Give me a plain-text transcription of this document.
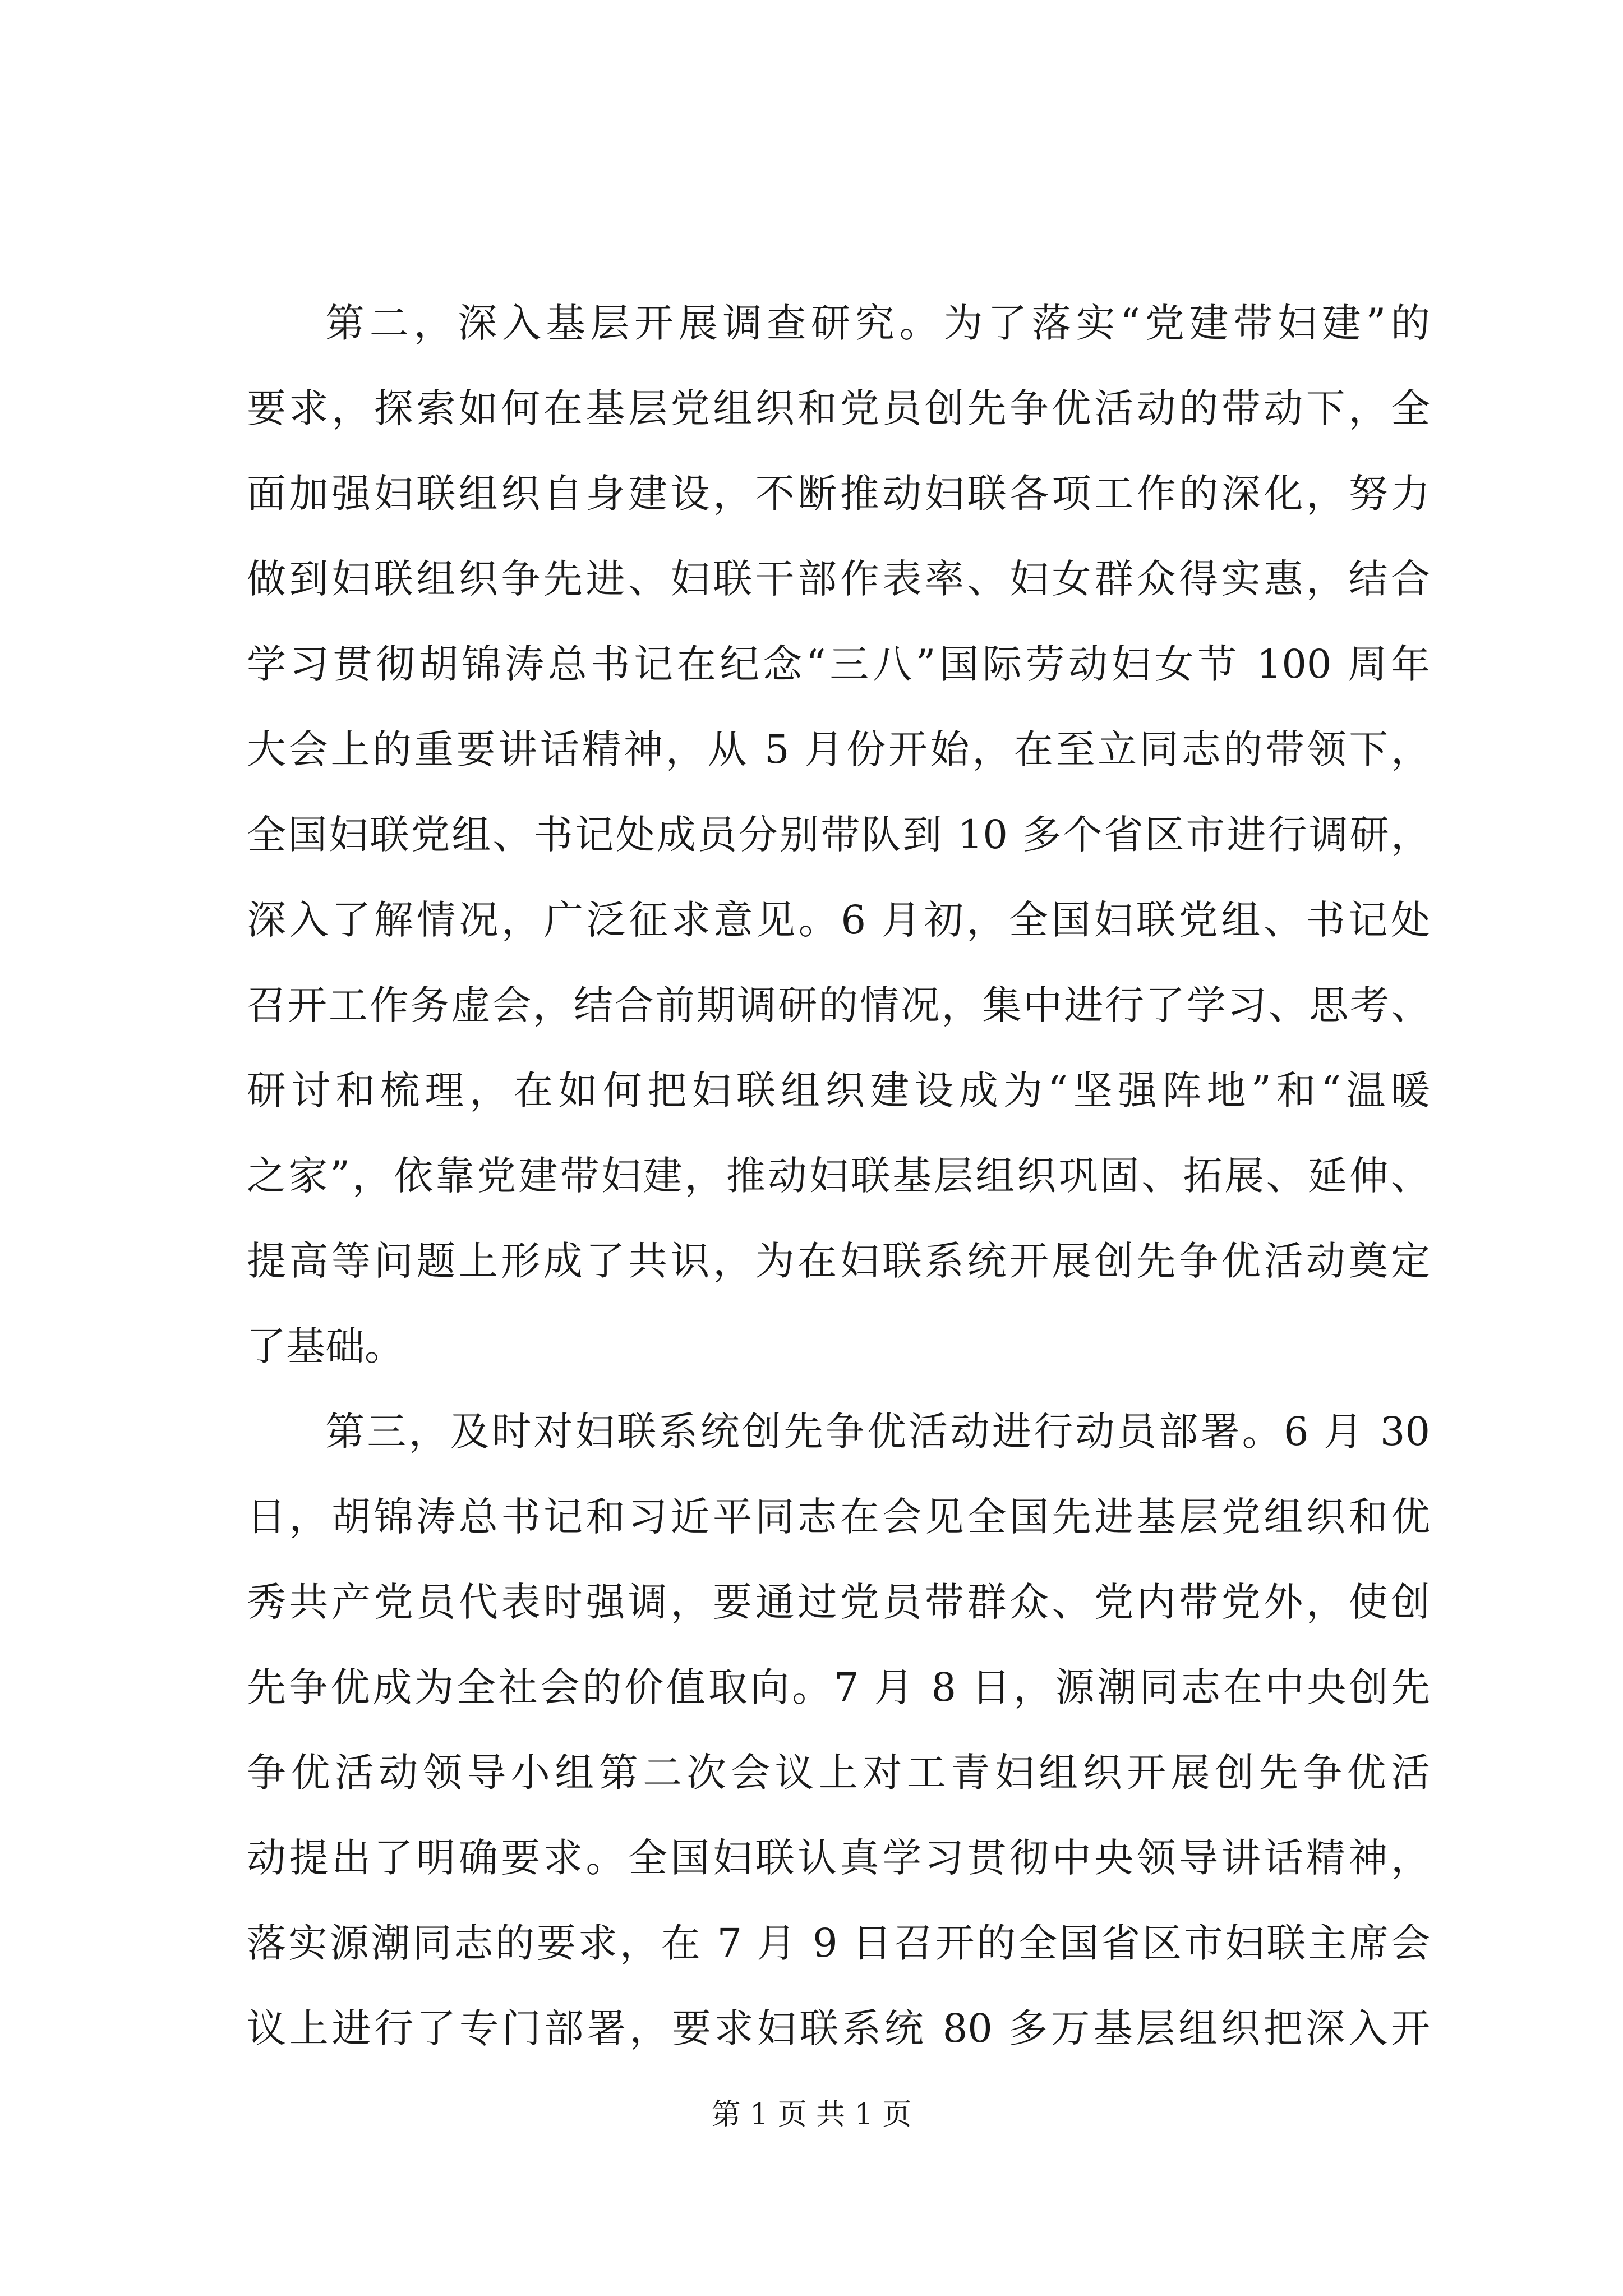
第二，深入基层开展调查研究。为了落实“党建带妇建”的
要求，探索如何在基层党组织和党员创先争优活动的带动下，全
面加强妇联组织自身建设，不断推动妇联各项工作的深化，努力
做到妇联组织争先进、妇联干部作表率、妇女群众得实惠，结合
学习贯彻胡锦涛总书记在纪念“三八”国际劳动妇女节 100 周年
大会上的重要讲话精神，从 5 月份开始，在至立同志的带领下，
全国妇联党组、书记处成员分别带队到 10 多个省区市进行调研，
深入了解情况，广泛征求意见。6 月初，全国妇联党组、书记处
召开工作务虚会，结合前期调研的情况，集中进行了学习、思考、
研讨和梳理，在如何把妇联组织建设成为“坚强阵地”和“温暖
之家”，依靠党建带妇建，推动妇联基层组织巩固、拓展、延伸、
提高等问题上形成了共识，为在妇联系统开展创先争优活动奠定
了基础。
第三，及时对妇联系统创先争优活动进行动员部署。6 月 30
日，胡锦涛总书记和习近平同志在会见全国先进基层党组织和优
秀共产党员代表时强调，要通过党员带群众、党内带党外，使创
先争优成为全社会的价值取向。7 月 8 日，源潮同志在中央创先
争优活动领导小组第二次会议上对工青妇组织开展创先争优活
动提出了明确要求。全国妇联认真学习贯彻中央领导讲话精神，
落实源潮同志的要求，在 7 月 9 日召开的全国省区市妇联主席会
议上进行了专门部署，要求妇联系统 80 多万基层组织把深入开
第 1 页 共 1 页
